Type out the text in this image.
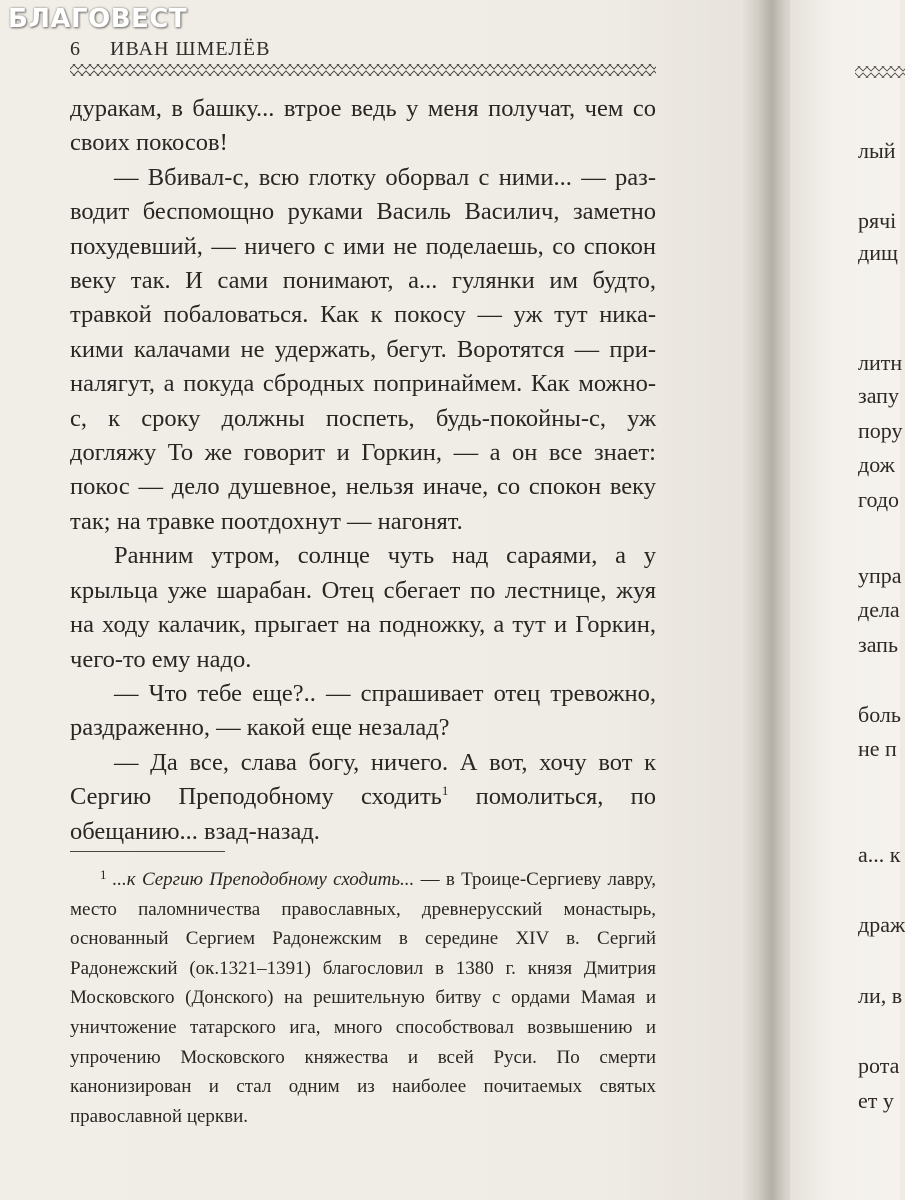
БЛАГОВЕСТ
6 ИВАН ШМЕЛЁВ

дуракам, в башку... втрое ведь у меня получат, чем со своих покосов!

— Вбивал-с, всю глотку оборвал с ними... — разводит беспомощно руками Василь Василич, заметно похудевший, — ничего с ими не поделаешь, со спокон веку так. И сами понимают, а... гулянки им будто, травкой побаловаться. Как к покосу — уж тут никакими калачами не удержать, бегут. Воротятся — приналягут, а покуда сбродных попринаймем. Как можно-с, к сроку должны поспеть, будь-покойны-с, уж догляжу То же говорит и Горкин, — а он все знает: покос — дело душевное, нельзя иначе, со спокон веку так; на травке поотдохнут — нагонят.

Ранним утром, солнце чуть над сараями, а у крыльца уже шарабан. Отец сбегает по лестнице, жуя на ходу калачик, прыгает на подножку, а тут и Горкин, чего-то ему надо.

— Что тебе еще?.. — спрашивает отец тревожно, раздраженно, — какой еще незалад?

— Да все, слава богу, ничего. А вот, хочу вот к Сергию Преподобному сходить$^1$ помолиться, по обещанию... взад-назад.

$^1$ ...к Сергию Преподобному сходить... — в Троице-Сергиеву лавру, место паломничества православных, древнерусский монастырь, основанный Сергием Радонежским в середине XIV в. Сергий Радонежский (ок.1321–1391) благословил в 1380 г. князя Дмитрия Московского (Донского) на решительную битву с ордами Мамая и уничтожение татарского ига, много способствовал возвышению и упрочению Московского княжества и всей Руси. По смерти канонизирован и стал одним из наиболее почитаемых святых православной церкви.
лый
рячі
дищ
литн
запу
пору
дож
годо
упра
дела
запь
боль
не п
а... к
драж
ли, в
рота
ет у
